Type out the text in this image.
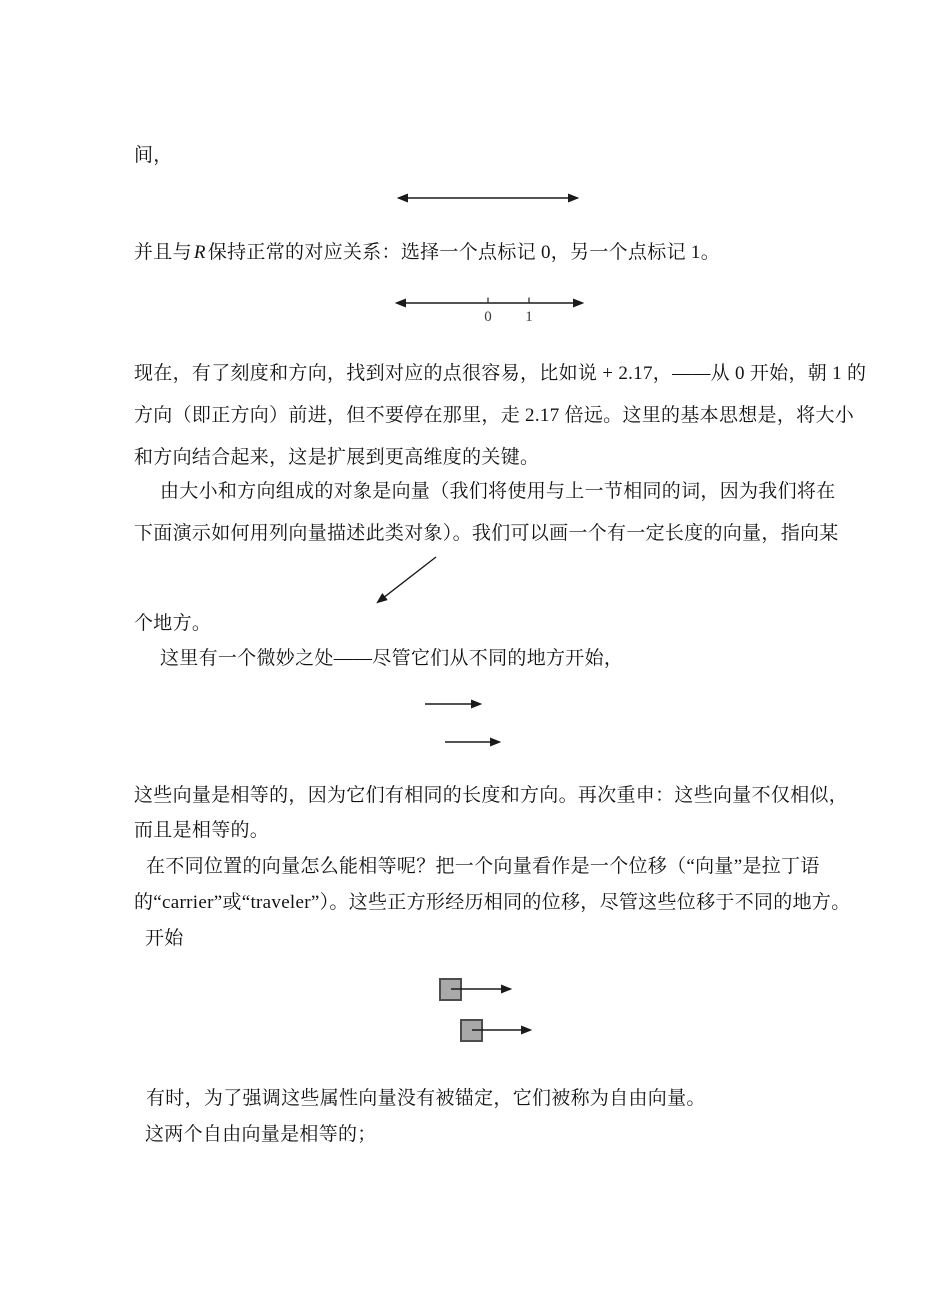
间，
并且与 R 保持正常的对应关系：选择一个点标记 0，另一个点标记 1。
0 1
现在，有了刻度和方向，找到对应的点很容易，比如说 + 2.17，——从 0 开始，朝 1 的
方向（即正方向）前进，但不要停在那里，走 2.17 倍远。这里的基本思想是，将大小
和方向结合起来，这是扩展到更高维度的关键。
由大小和方向组成的对象是向量（我们将使用与上一节相同的词，因为我们将在
下面演示如何用列向量描述此类对象）。我们可以画一个有一定长度的向量，指向某
个地方。
这里有一个微妙之处——尽管它们从不同的地方开始，
这些向量是相等的，因为它们有相同的长度和方向。再次重申：这些向量不仅相似，
而且是相等的。
在不同位置的向量怎么能相等呢？把一个向量看作是一个位移（“向量”是拉丁语
的“carrier”或“traveler”）。这些正方形经历相同的位移，尽管这些位移于不同的地方。
开始
有时，为了强调这些属性向量没有被锚定，它们被称为自由向量。
这两个自由向量是相等的；
